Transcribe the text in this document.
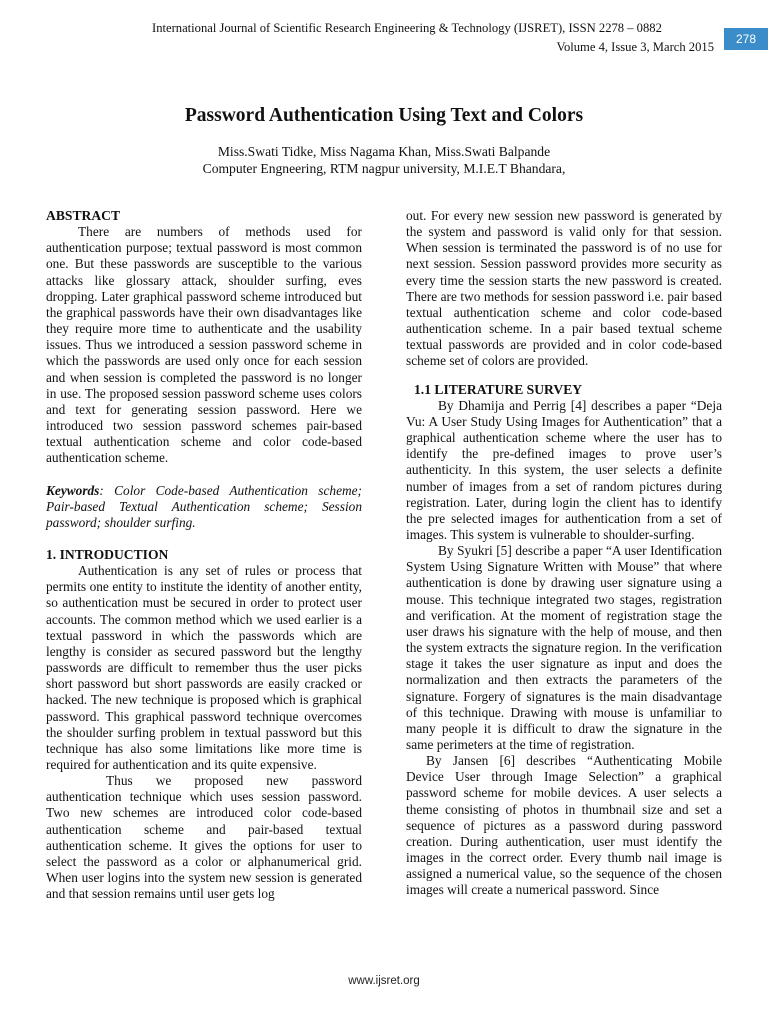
International Journal of Scientific Research Engineering & Technology (IJSRET), ISSN 2278 – 0882
Volume 4, Issue 3, March 2015
278
Password Authentication Using Text and Colors
Miss.Swati Tidke, Miss Nagama Khan, Miss.Swati Balpande
Computer Engneering, RTM nagpur university, M.I.E.T Bhandara,
ABSTRACT

There are numbers of methods used for authentication purpose; textual password is most common one. But these passwords are susceptible to the various attacks like glossary attack, shoulder surfing, eves dropping. Later graphical password scheme introduced but the graphical passwords have their own disadvantages like they require more time to authenticate and the usability issues. Thus we introduced a session password scheme in which the passwords are used only once for each session and when session is completed the password is no longer in use. The proposed session password scheme uses colors and text for generating session password. Here we introduced two session password schemes pair-based textual authentication scheme and color code-based authentication scheme.

Keywords: Color Code-based Authentication scheme; Pair-based Textual Authentication scheme; Session password; shoulder surfing.

1. INTRODUCTION

Authentication is any set of rules or process that permits one entity to institute the identity of another entity, so authentication must be secured in order to protect user accounts. The common method which we used earlier is a textual password in which the passwords which are lengthy is consider as secured password but the lengthy passwords are difficult to remember thus the user picks short password but short passwords are easily cracked or hacked. The new technique is proposed which is graphical password. This graphical password technique overcomes the shoulder surfing problem in textual password but this technique has also some limitations like more time is required for authentication and its quite expensive.

Thus we proposed new password authentication technique which uses session password. Two new schemes are introduced color code-based authentication scheme and pair-based textual authentication scheme. It gives the options for user to select the password as a color or alphanumerical grid. When user logins into the system new session is generated and that session remains until user gets log

out. For every new session new password is generated by the system and password is valid only for that session. When session is terminated the password is of no use for next session. Session password provides more security as every time the session starts the new password is created. There are two methods for session password i.e. pair based textual authentication scheme and color code-based authentication scheme. In a pair based textual scheme textual passwords are provided and in color code-based scheme set of colors are provided.

1.1 LITERATURE SURVEY

By Dhamija and Perrig [4] describes a paper “Deja Vu: A User Study Using Images for Authentication” that a graphical authentication scheme where the user has to identify the pre-defined images to prove user’s authenticity. In this system, the user selects a definite number of images from a set of random pictures during registration. Later, during login the client has to identify the pre selected images for authentication from a set of images. This system is vulnerable to shoulder-surfing.

By Syukri [5] describe a paper “A user Identification System Using Signature Written with Mouse” that where authentication is done by drawing user signature using a mouse. This technique integrated two stages, registration and verification. At the moment of registration stage the user draws his signature with the help of mouse, and then the system extracts the signature region. In the verification stage it takes the user signature as input and does the normalization and then extracts the parameters of the signature. Forgery of signatures is the main disadvantage of this technique. Drawing with mouse is unfamiliar to many people it is difficult to draw the signature in the same perimeters at the time of registration.

By Jansen [6] describes “Authenticating Mobile Device User through Image Selection” a graphical password scheme for mobile devices. A user selects a theme consisting of photos in thumbnail size and set a sequence of pictures as a password during password creation. During authentication, user must identify the images in the correct order. Every thumb nail image is assigned a numerical value, so the sequence of the chosen images will create a numerical password. Since

www.ijsret.org
